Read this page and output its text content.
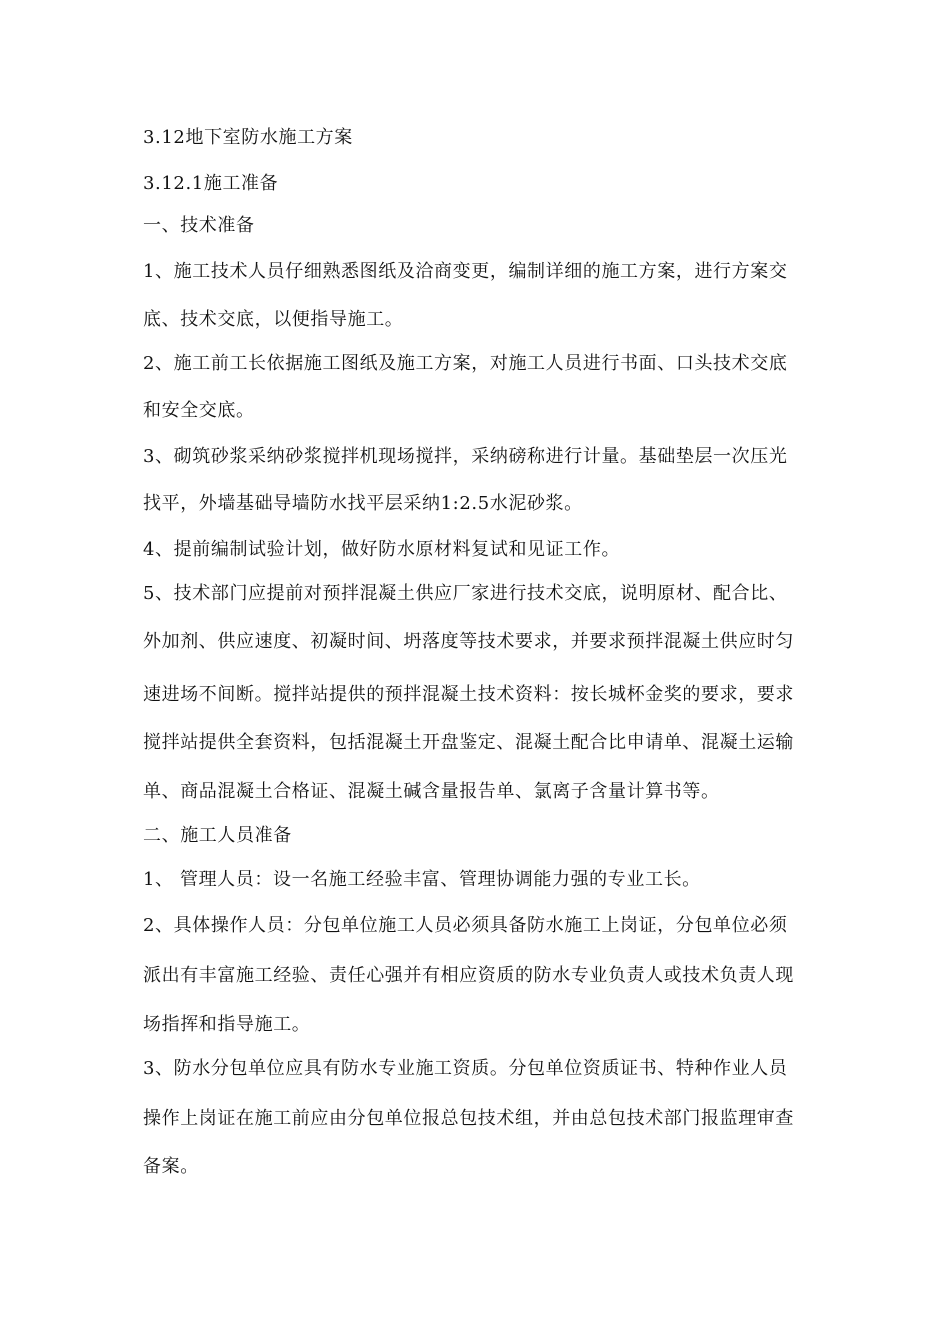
3.12地下室防水施工方案
3.12.1施工准备
一、技术准备
1、施工技术人员仔细熟悉图纸及洽商变更，编制详细的施工方案，进行方案交
底、技术交底，以便指导施工。
2、施工前工长依据施工图纸及施工方案，对施工人员进行书面、口头技术交底
和安全交底。
3、砌筑砂浆采纳砂浆搅拌机现场搅拌，采纳磅称进行计量。基础垫层一次压光
找平，外墙基础导墙防水找平层采纳1:2.5水泥砂浆。
4、提前编制试验计划，做好防水原材料复试和见证工作。
5、技术部门应提前对预拌混凝土供应厂家进行技术交底，说明原材、配合比、
外加剂、供应速度、初凝时间、坍落度等技术要求，并要求预拌混凝土供应时匀
速进场不间断。搅拌站提供的预拌混凝土技术资料：按长城杯金奖的要求，要求
搅拌站提供全套资料，包括混凝土开盘鉴定、混凝土配合比申请单、混凝土运输
单、商品混凝土合格证、混凝土碱含量报告单、氯离子含量计算书等。
二、施工人员准备
1、 管理人员：设一名施工经验丰富、管理协调能力强的专业工长。
2、具体操作人员：分包单位施工人员必须具备防水施工上岗证，分包单位必须
派出有丰富施工经验、责任心强并有相应资质的防水专业负责人或技术负责人现
场指挥和指导施工。
3、防水分包单位应具有防水专业施工资质。分包单位资质证书、特种作业人员
操作上岗证在施工前应由分包单位报总包技术组，并由总包技术部门报监理审查
备案。
